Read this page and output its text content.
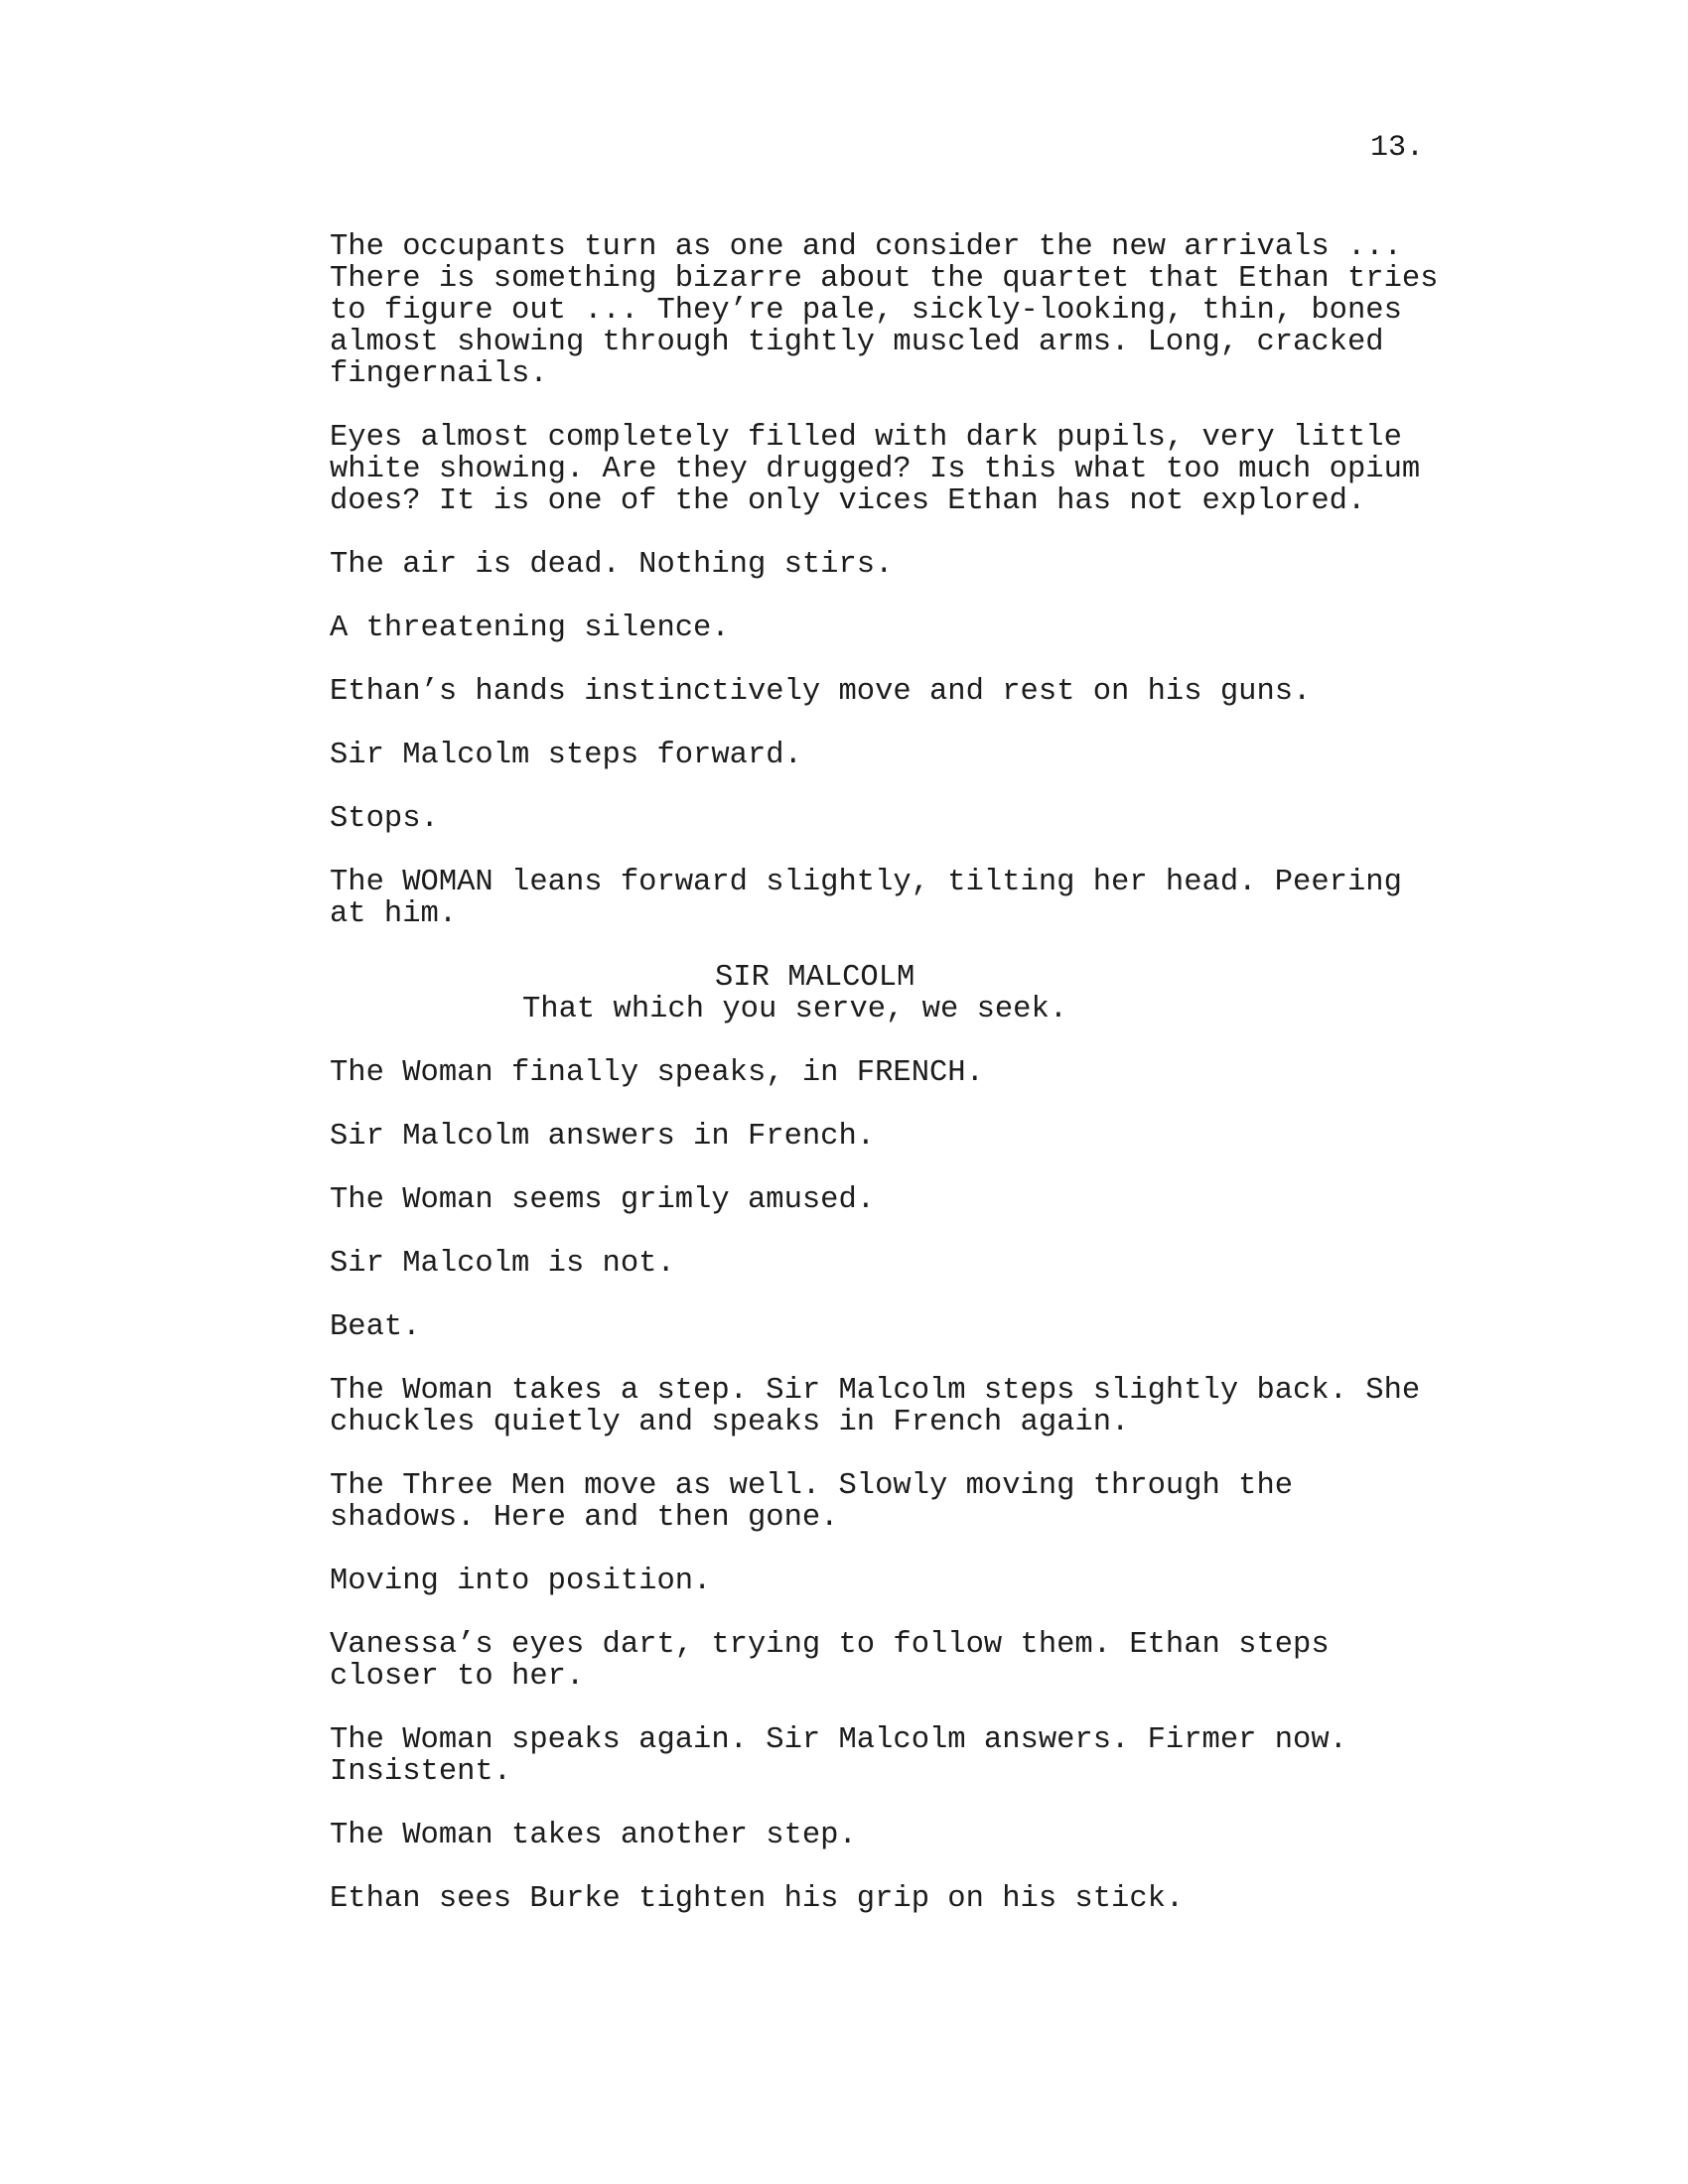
13.
The occupants turn as one and consider the new arrivals ...
There is something bizarre about the quartet that Ethan tries
to figure out ... They’re pale, sickly-looking, thin, bones
almost showing through tightly muscled arms. Long, cracked
fingernails.
Eyes almost completely filled with dark pupils, very little
white showing. Are they drugged? Is this what too much opium
does? It is one of the only vices Ethan has not explored.
The air is dead. Nothing stirs.
A threatening silence.
Ethan’s hands instinctively move and rest on his guns.
Sir Malcolm steps forward.
Stops.
The WOMAN leans forward slightly, tilting her head. Peering
at him.
SIR MALCOLM
That which you serve, we seek.
The Woman finally speaks, in FRENCH.
Sir Malcolm answers in French.
The Woman seems grimly amused.
Sir Malcolm is not.
Beat.
The Woman takes a step. Sir Malcolm steps slightly back. She
chuckles quietly and speaks in French again.
The Three Men move as well. Slowly moving through the
shadows. Here and then gone.
Moving into position.
Vanessa’s eyes dart, trying to follow them. Ethan steps
closer to her.
The Woman speaks again. Sir Malcolm answers. Firmer now.
Insistent.
The Woman takes another step.
Ethan sees Burke tighten his grip on his stick.
